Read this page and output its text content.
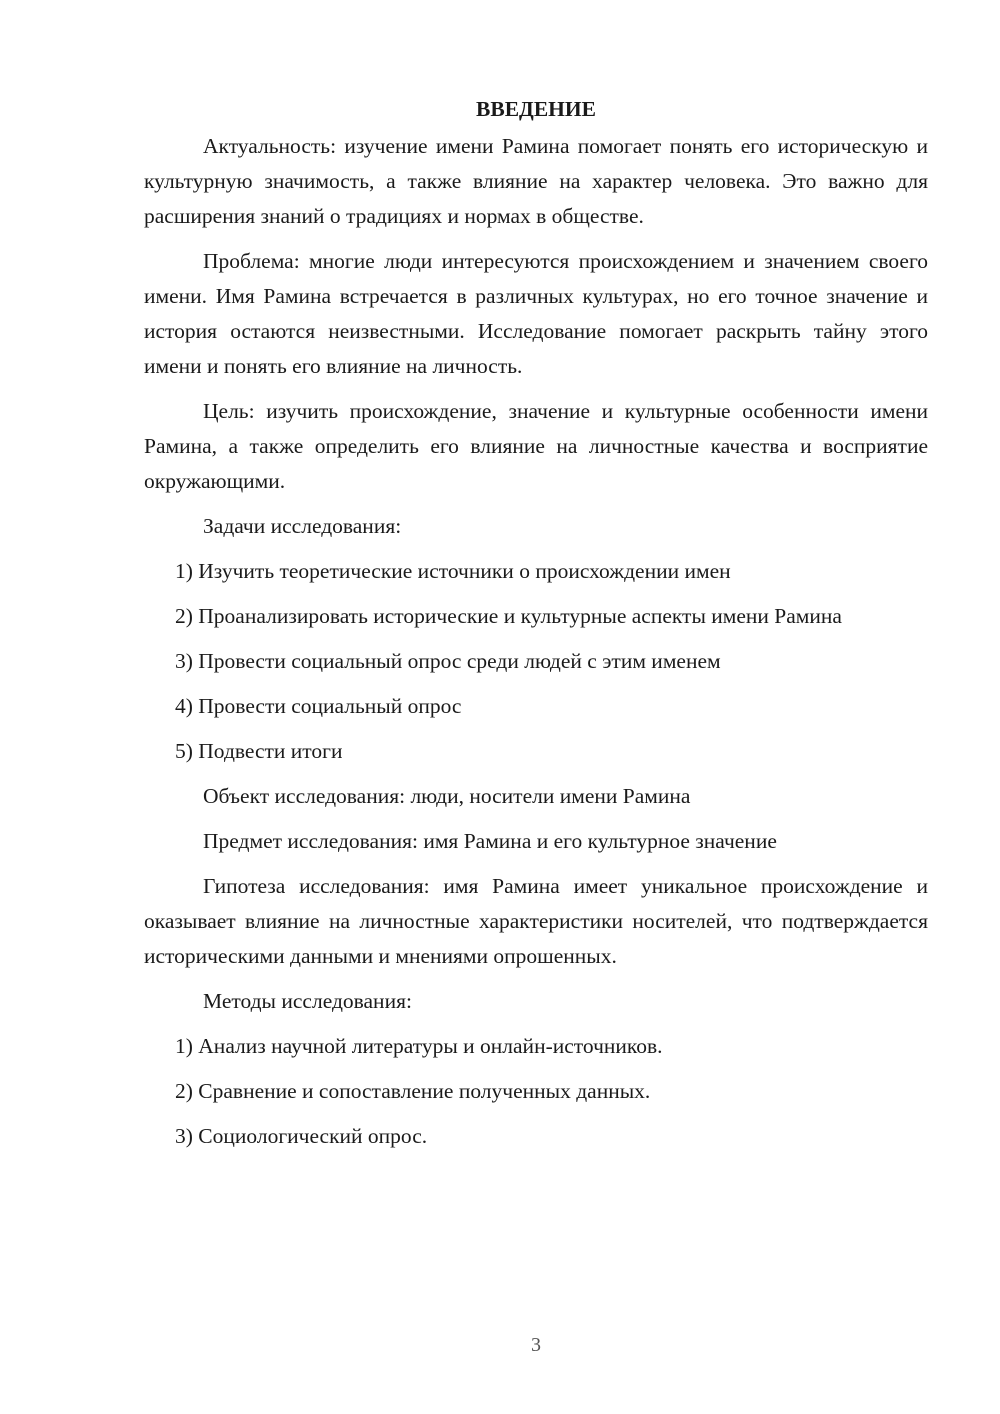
ВВЕДЕНИЕ

Актуальность: изучение имени Рамина помогает понять его историческую и культурную значимость, а также влияние на характер человека. Это важно для расширения знаний о традициях и нормах в обществе.

Проблема: многие люди интересуются происхождением и значением своего имени. Имя Рамина встречается в различных культурах, но его точное значение и история остаются неизвестными. Исследование помогает раскрыть тайну этого имени и понять его влияние на личность.

Цель: изучить происхождение, значение и культурные особенности имени Рамина, а также определить его влияние на личностные качества и восприятие окружающими.

Задачи исследования:

1) Изучить теоретические источники о происхождении имен

2) Проанализировать исторические и культурные аспекты имени Рамина

3) Провести социальный опрос среди людей с этим именем

4) Провести социальный опрос

5) Подвести итоги

Объект исследования: люди, носители имени Рамина

Предмет исследования: имя Рамина и его культурное значение

Гипотеза исследования: имя Рамина имеет уникальное происхождение и оказывает влияние на личностные характеристики носителей, что подтверждается историческими данными и мнениями опрошенных.

Методы исследования:

1) Анализ научной литературы и онлайн-источников.

2) Сравнение и сопоставление полученных данных.

3) Социологический опрос.

3
